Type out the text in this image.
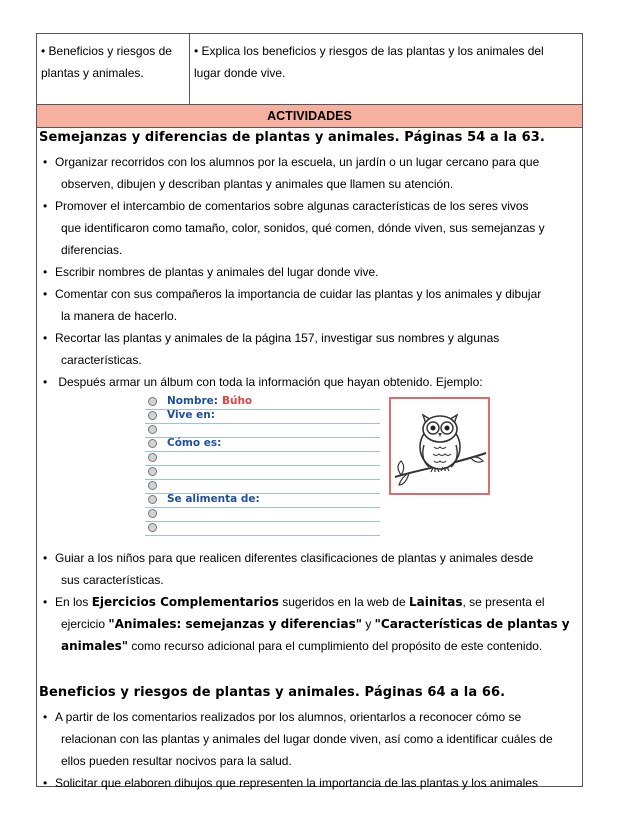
• Beneficios y riesgos de
plantas y animales.
• Explica los beneficios y riesgos de las plantas y los animales del
lugar donde vive.
ACTIVIDADES
Semejanzas y diferencias de plantas y animales. Páginas 54 a la 63.
• Organizar recorridos con los alumnos por la escuela, un jardín o un lugar cercano para que
observen, dibujen y describan plantas y animales que llamen su atención.
• Promover el intercambio de comentarios sobre algunas características de los seres vivos
que identificaron como tamaño, color, sonidos, qué comen, dónde viven, sus semejanzas y
diferencias.
• Escribir nombres de plantas y animales del lugar donde vive.
• Comentar con sus compañeros la importancia de cuidar las plantas y los animales y dibujar
la manera de hacerlo.
• Recortar las plantas y animales de la página 157, investigar sus nombres y algunas
características.
• Después armar un álbum con toda la información que hayan obtenido. Ejemplo:
Nombre: Búho
Vive en:
Cómo es:
Se alimenta de:
• Guiar a los niños para que realicen diferentes clasificaciones de plantas y animales desde
sus características.
• En los Ejercicios Complementarios sugeridos en la web de Lainitas, se presenta el
ejercicio "Animales: semejanzas y diferencias" y "Características de plantas y
animales" como recurso adicional para el cumplimiento del propósito de este contenido.
Beneficios y riesgos de plantas y animales. Páginas 64 a la 66.
• A partir de los comentarios realizados por los alumnos, orientarlos a reconocer cómo se
relacionan con las plantas y animales del lugar donde viven, así como a identificar cuáles de
ellos pueden resultar nocivos para la salud.
• Solicitar que elaboren dibujos que representen la importancia de las plantas y los animales
